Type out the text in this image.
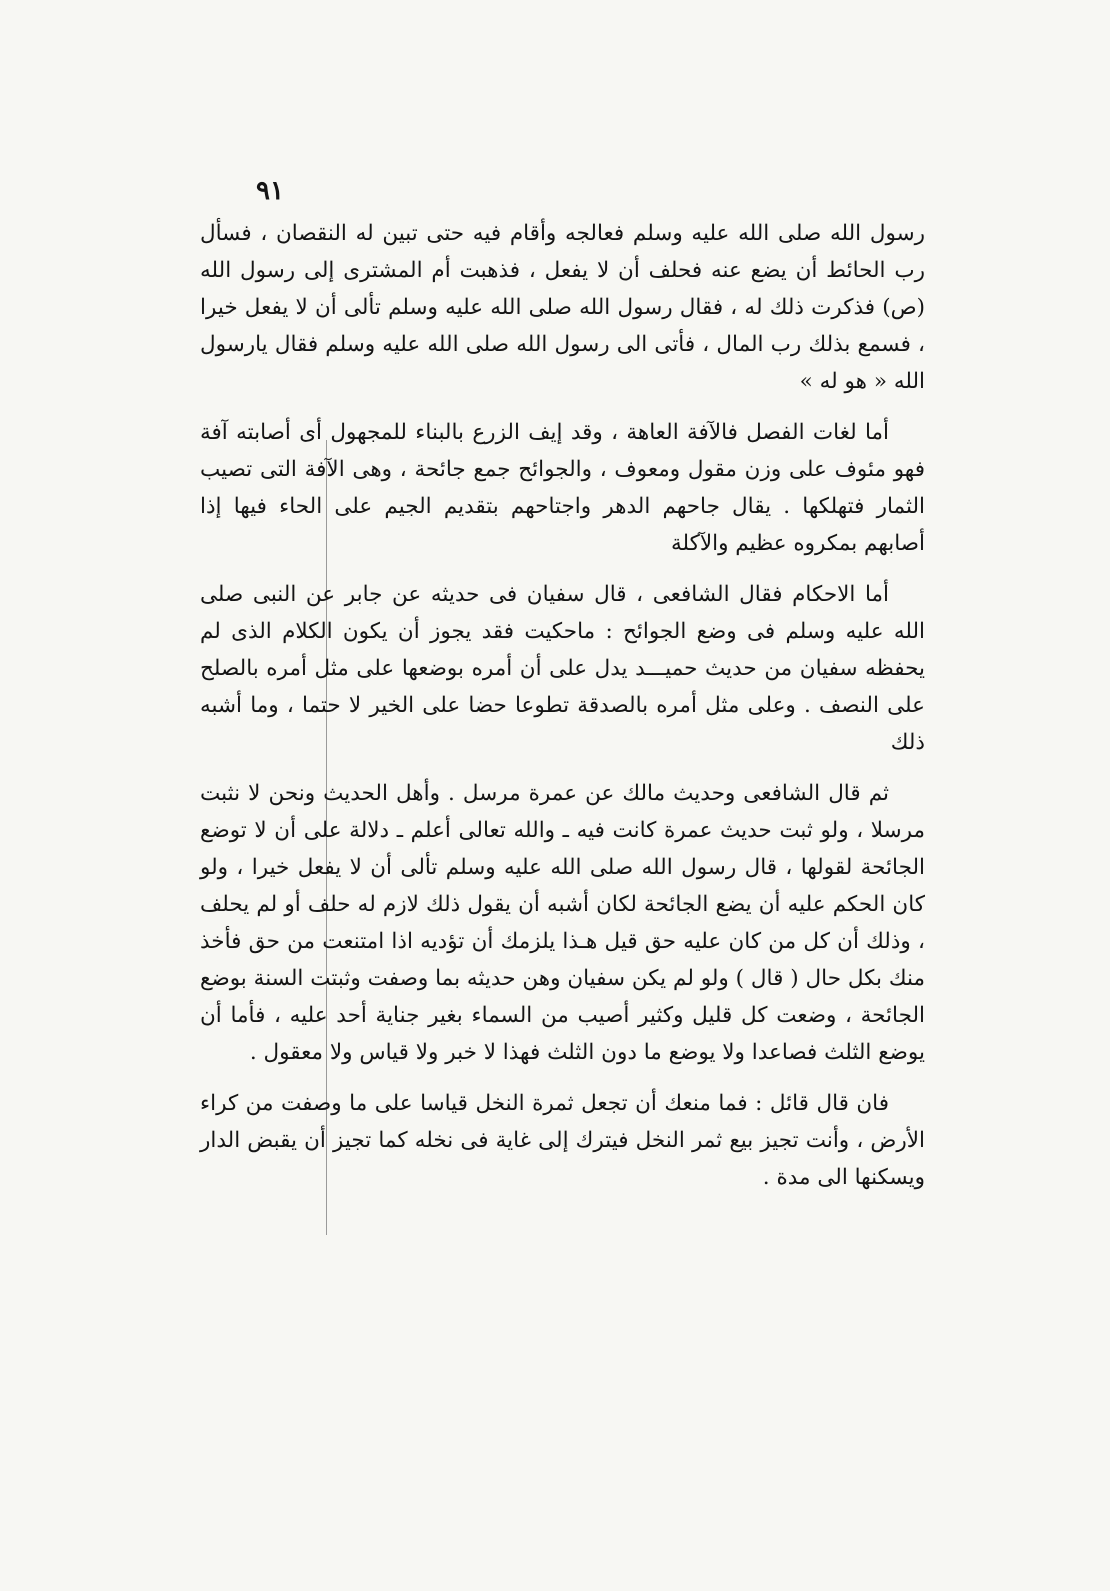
٩١

رسول الله صلى الله عليه وسلم فعالجه وأقام فيه حتى تبين له النقصان ، فسأل رب الحائط أن يضع عنه فحلف أن لا يفعل ، فذهبت أم المشترى إلى رسول الله (ص) فذكرت ذلك له ، فقال رسول الله صلى الله عليه وسلم تألى أن لا يفعل خيرا ، فسمع بذلك رب المال ، فأتى الى رسول الله صلى الله عليه وسلم فقال يارسول الله « هو له »

أما لغات الفصل فالآفة العاهة ، وقد إيف الزرع بالبناء للمجهول أى أصابته آفة فهو مئوف على وزن مقول ومعوف ، والجوائح جمع جائحة ، وهى الآفة التى تصيب الثمار فتهلكها . يقال جاحهم الدهر واجتاحهم بتقديم الجيم على الحاء فيها إذا أصابهم بمكروه عظيم والآكلة

أما الاحكام فقال الشافعى ، قال سفيان فى حديثه عن جابر عن النبى صلى الله عليه وسلم فى وضع الجوائح : ماحكيت فقد يجوز أن يكون الكلام الذى لم يحفظه سفيان من حديث حميـــد يدل على أن أمره بوضعها على مثل أمره بالصلح على النصف . وعلى مثل أمره بالصدقة تطوعا حضا على الخير لا حتما ، وما أشبه ذلك

ثم قال الشافعى وحديث مالك عن عمرة مرسل . وأهل الحديث ونحن لا نثبت مرسلا ، ولو ثبت حديث عمرة كانت فيه ـ والله تعالى أعلم ـ دلالة على أن لا توضع الجائحة لقولها ، قال رسول الله صلى الله عليه وسلم تألى أن لا يفعل خيرا ، ولو كان الحكم عليه أن يضع الجائحة لكان أشبه أن يقول ذلك لازم له حلف أو لم يحلف ، وذلك أن كل من كان عليه حق قيل هـذا يلزمك أن تؤديه اذا امتنعت من حق فأخذ منك بكل حال ( قال ) ولو لم يكن سفيان وهن حديثه بما وصفت وثبتت السنة بوضع الجائحة ، وضعت كل قليل وكثير أصيب من السماء بغير جناية أحد عليه ، فأما أن يوضع الثلث فصاعدا ولا يوضع ما دون الثلث فهذا لا خبر ولا قياس ولا معقول .

فان قال قائل : فما منعك أن تجعل ثمرة النخل قياسا على ما وصفت من كراء الأرض ، وأنت تجيز بيع ثمر النخل فيترك إلى غاية فى نخله كما تجيز أن يقبض الدار ويسكنها الى مدة .
